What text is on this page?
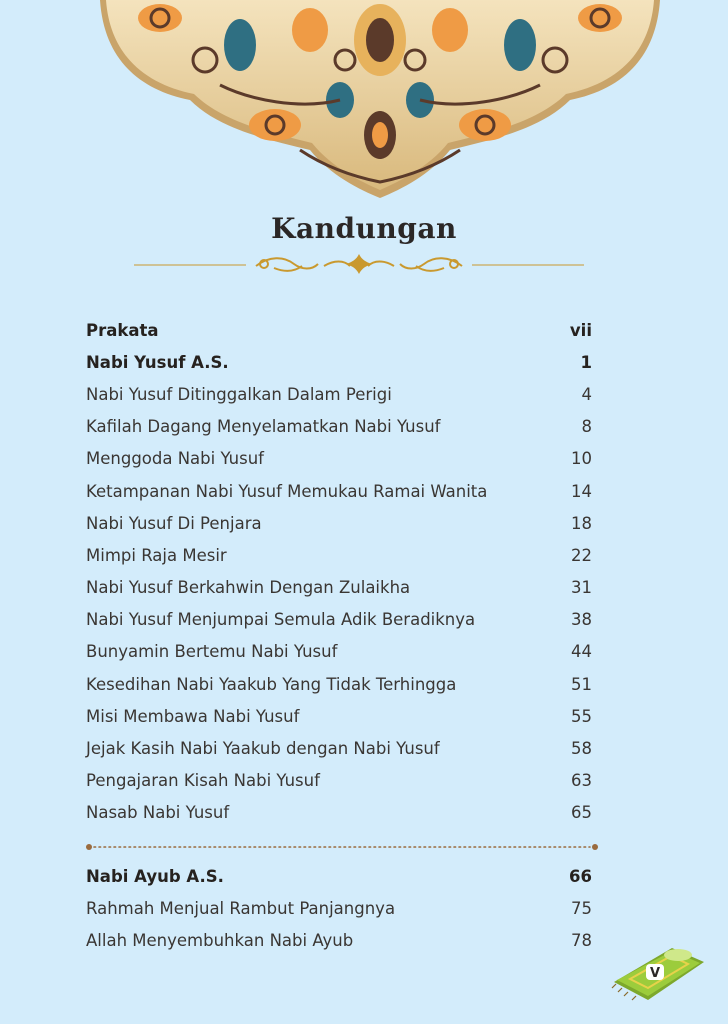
Kandungan
Prakata	vii
Nabi Yusuf A.S.	1
Nabi Yusuf Ditinggalkan Dalam Perigi	4
Kafilah Dagang Menyelamatkan Nabi Yusuf	8
Menggoda Nabi Yusuf	10
Ketampanan Nabi Yusuf Memukau Ramai Wanita	14
Nabi Yusuf Di Penjara	18
Mimpi Raja Mesir	22
Nabi Yusuf Berkahwin Dengan Zulaikha	31
Nabi Yusuf Menjumpai Semula Adik Beradiknya	38
Bunyamin Bertemu Nabi Yusuf	44
Kesedihan Nabi Yaakub Yang Tidak Terhingga	51
Misi Membawa Nabi Yusuf	55
Jejak Kasih Nabi Yaakub dengan Nabi Yusuf	58
Pengajaran Kisah Nabi Yusuf	63
Nasab Nabi Yusuf	65
Nabi Ayub A.S.	66
Rahmah Menjual Rambut Panjangnya	75
Allah Menyembuhkan Nabi Ayub	78
V
